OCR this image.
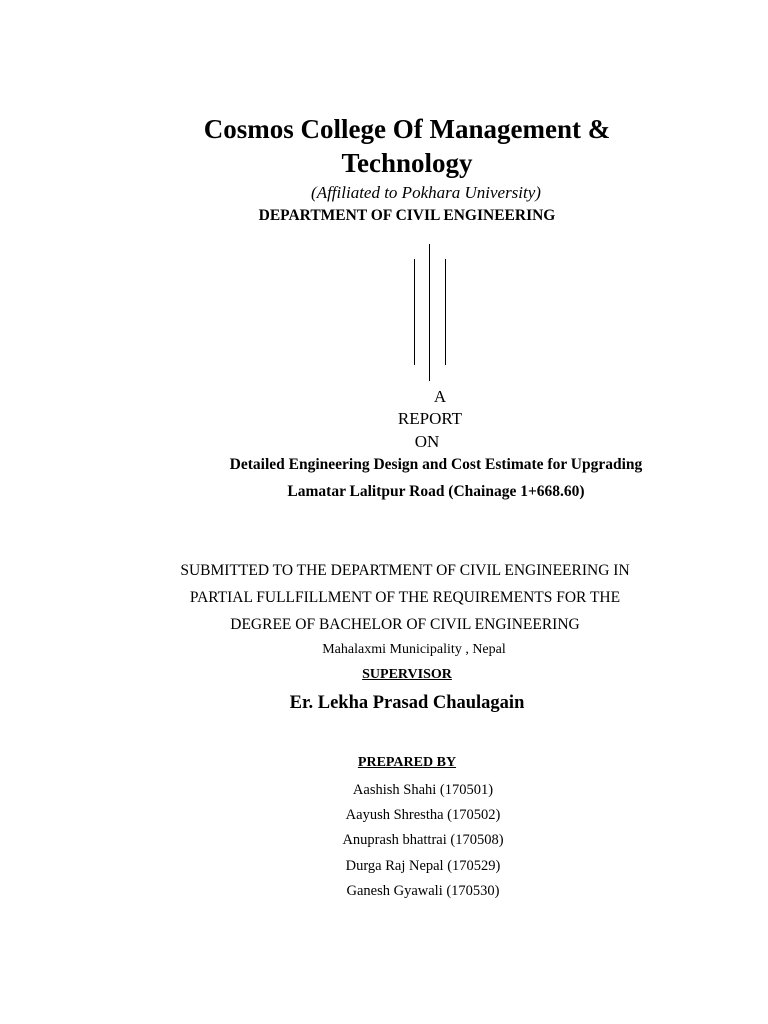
Cosmos College Of Management &
Technology
(Affiliated to Pokhara University)
DEPARTMENT OF CIVIL ENGINEERING
A
REPORT
ON
Detailed Engineering Design and Cost Estimate for Upgrading
Lamatar Lalitpur Road (Chainage 1+668.60)
SUBMITTED TO THE DEPARTMENT OF CIVIL ENGINEERING IN
PARTIAL FULLFILLMENT OF THE REQUIREMENTS FOR THE
DEGREE OF BACHELOR OF CIVIL ENGINEERING
Mahalaxmi Municipality , Nepal
SUPERVISOR
Er. Lekha Prasad Chaulagain
PREPARED BY
Aashish Shahi (170501)
Aayush Shrestha (170502)
Anuprash bhattrai (170508)
Durga Raj Nepal (170529)
Ganesh Gyawali (170530)
